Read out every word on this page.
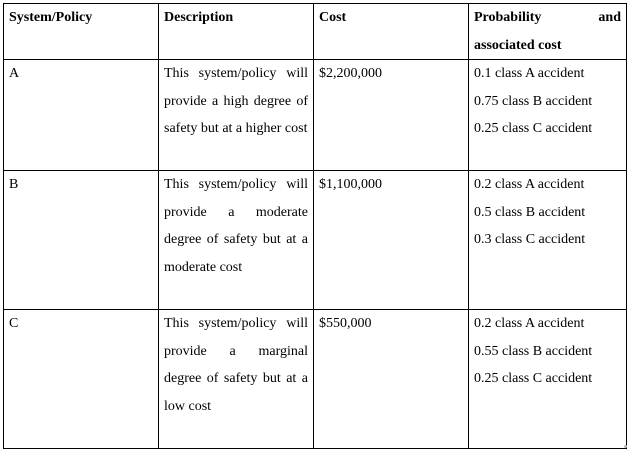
System/Policy	Description	Cost	Probability and
associated cost
A	This system/policy will provide a high degree of safety but at a higher cost	$2,200,000	0.1 class A accident
0.75 class B accident
0.25 class C accident

B	This system/policy will provide a moderate degree of safety but at a moderate cost	$1,100,000	0.2 class A accident
0.5 class B accident
0.3 class C accident

C	This system/policy will provide a marginal degree of safety but at a low cost	$550,000	0.2 class A accident
0.55 class B accident
0.25 class C accident
